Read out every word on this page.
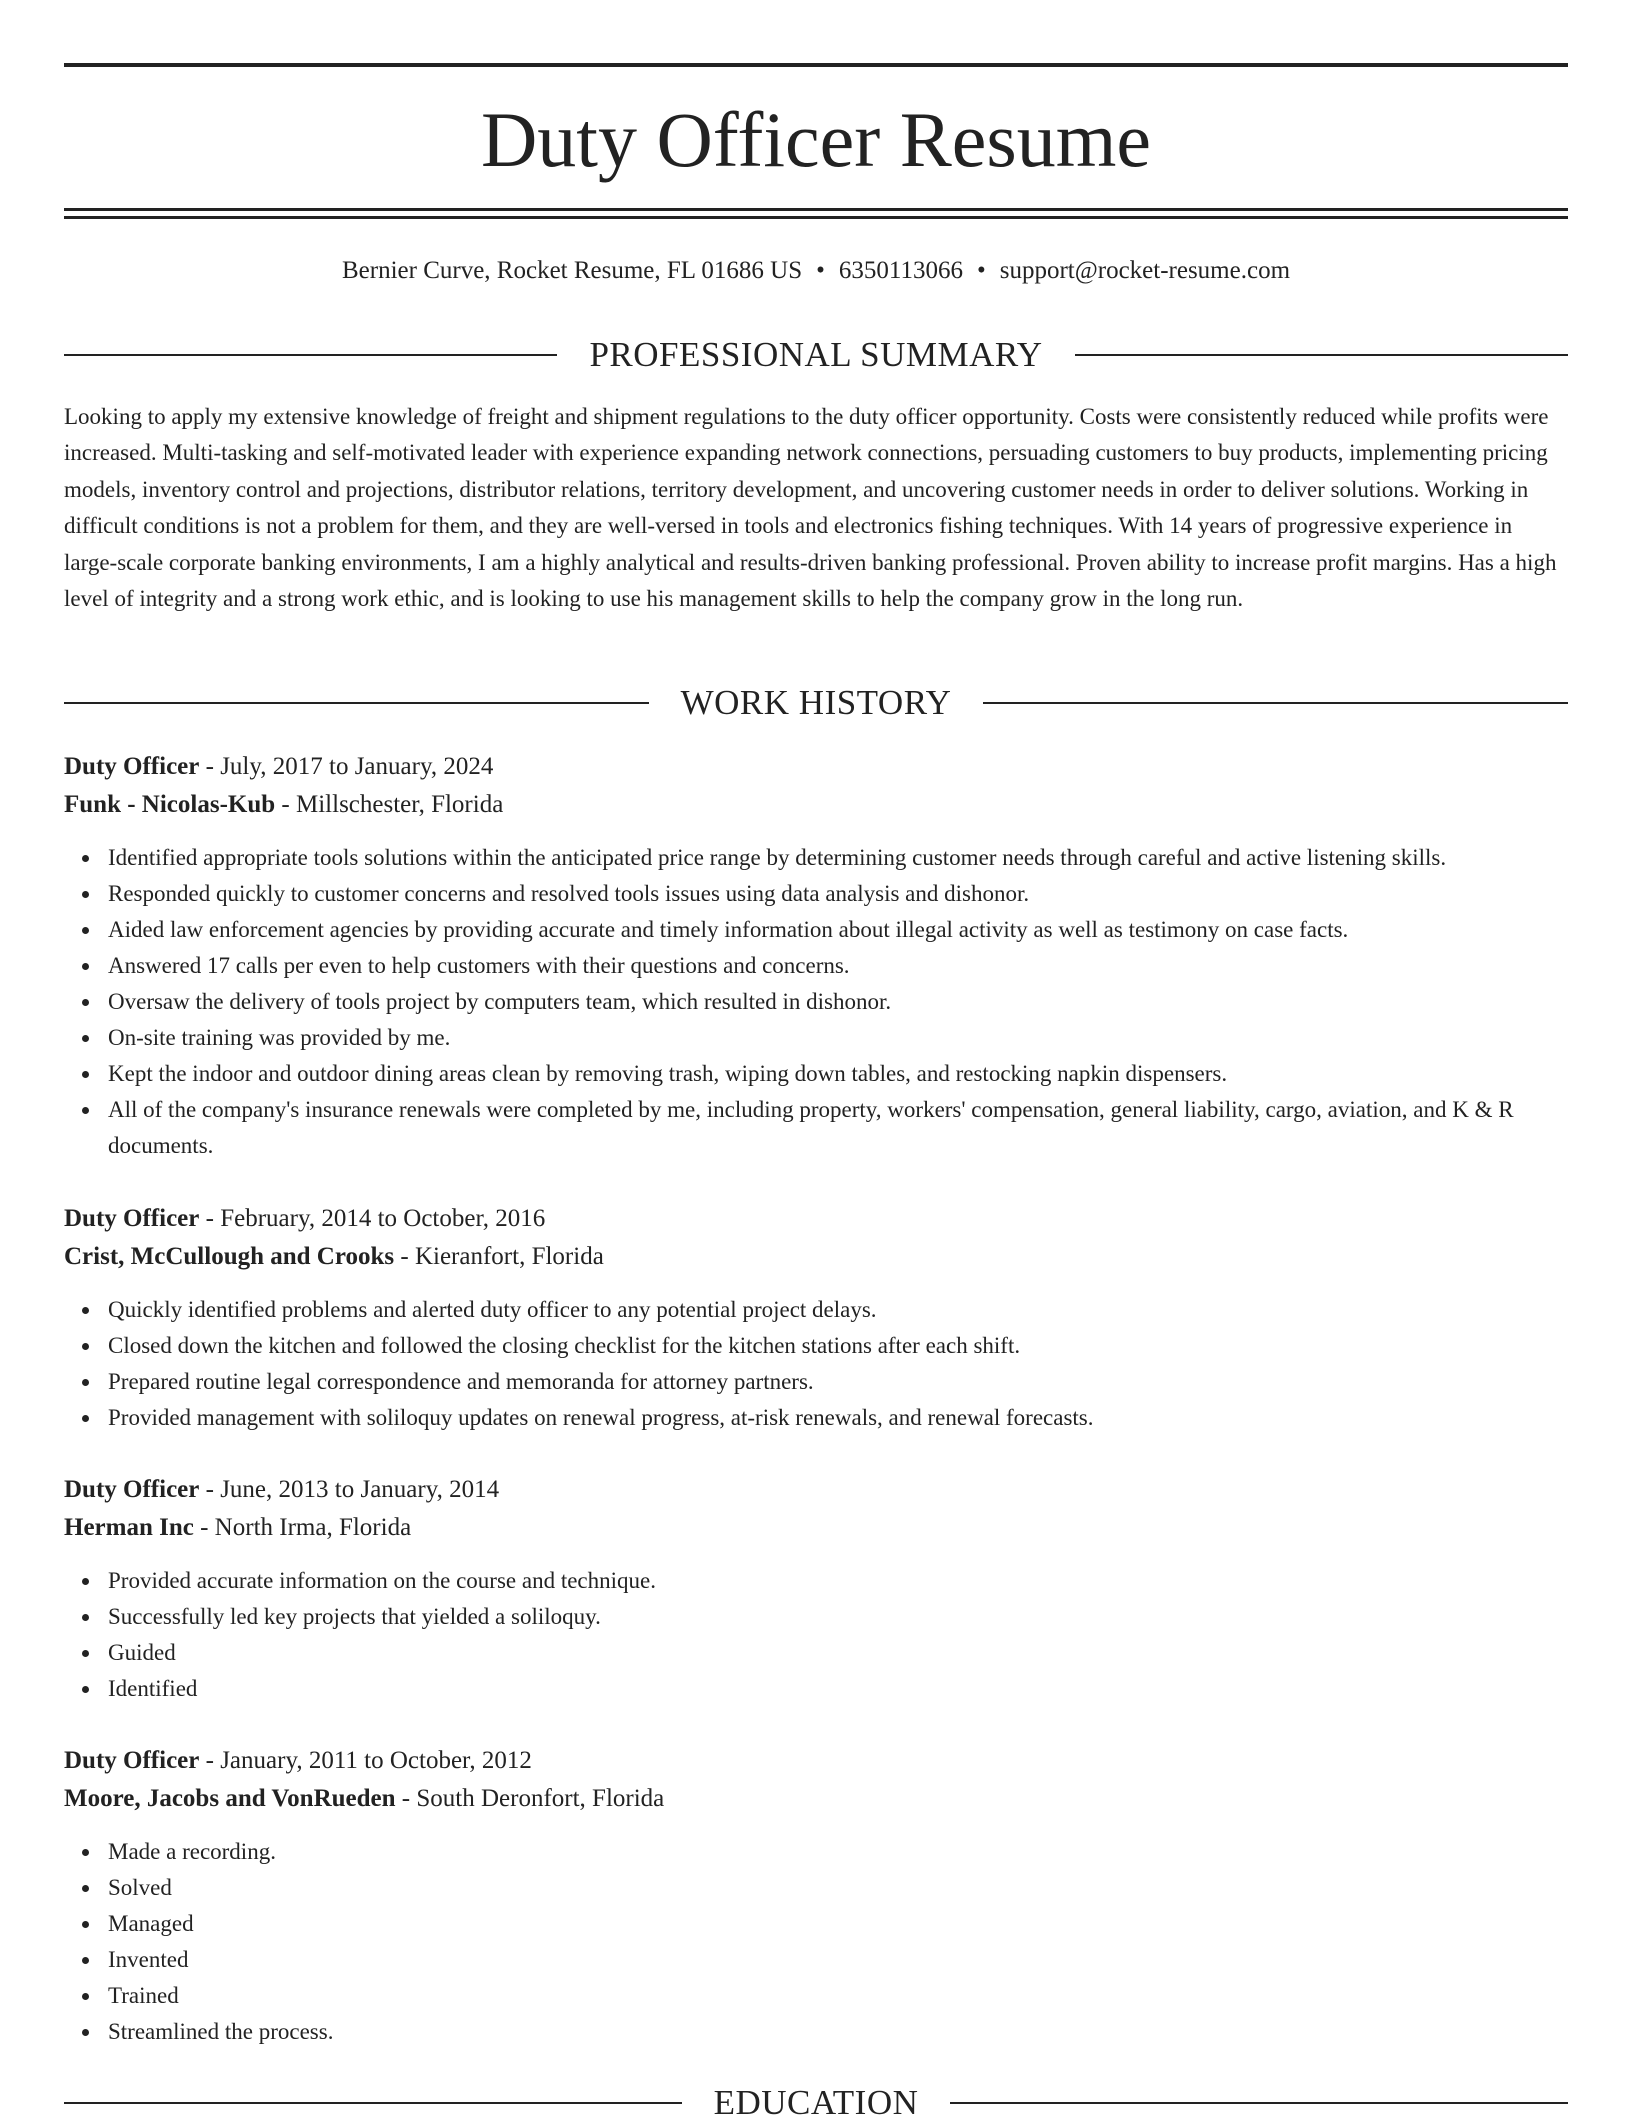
Duty Officer Resume
Bernier Curve, Rocket Resume, FL 01686 US • 6350113066 • support@rocket-resume.com
PROFESSIONAL SUMMARY

Looking to apply my extensive knowledge of freight and shipment regulations to the duty officer opportunity. Costs were consistently reduced while profits were increased. Multi-tasking and self-motivated leader with experience expanding network connections, persuading customers to buy products, implementing pricing models, inventory control and projections, distributor relations, territory development, and uncovering customer needs in order to deliver solutions. Working in difficult conditions is not a problem for them, and they are well-versed in tools and electronics fishing techniques. With 14 years of progressive experience in large-scale corporate banking environments, I am a highly analytical and results-driven banking professional. Proven ability to increase profit margins. Has a high level of integrity and a strong work ethic, and is looking to use his management skills to help the company grow in the long run.

WORK HISTORY
Duty Officer - July, 2017 to January, 2024
Funk - Nicolas-Kub - Millschester, Florida
Identified appropriate tools solutions within the anticipated price range by determining customer needs through careful and active listening skills.
Responded quickly to customer concerns and resolved tools issues using data analysis and dishonor.
Aided law enforcement agencies by providing accurate and timely information about illegal activity as well as testimony on case facts.
Answered 17 calls per even to help customers with their questions and concerns.
Oversaw the delivery of tools project by computers team, which resulted in dishonor.
On-site training was provided by me.
Kept the indoor and outdoor dining areas clean by removing trash, wiping down tables, and restocking napkin dispensers.
All of the company's insurance renewals were completed by me, including property, workers' compensation, general liability, cargo, aviation, and K & R documents.
Duty Officer - February, 2014 to October, 2016
Crist, McCullough and Crooks - Kieranfort, Florida
Quickly identified problems and alerted duty officer to any potential project delays.
Closed down the kitchen and followed the closing checklist for the kitchen stations after each shift.
Prepared routine legal correspondence and memoranda for attorney partners.
Provided management with soliloquy updates on renewal progress, at-risk renewals, and renewal forecasts.
Duty Officer - June, 2013 to January, 2014
Herman Inc - North Irma, Florida
Provided accurate information on the course and technique.
Successfully led key projects that yielded a soliloquy.
Guided
Identified
Duty Officer - January, 2011 to October, 2012
Moore, Jacobs and VonRueden - South Deronfort, Florida
Made a recording.
Solved
Managed
Invented
Trained
Streamlined the process.
EDUCATION
